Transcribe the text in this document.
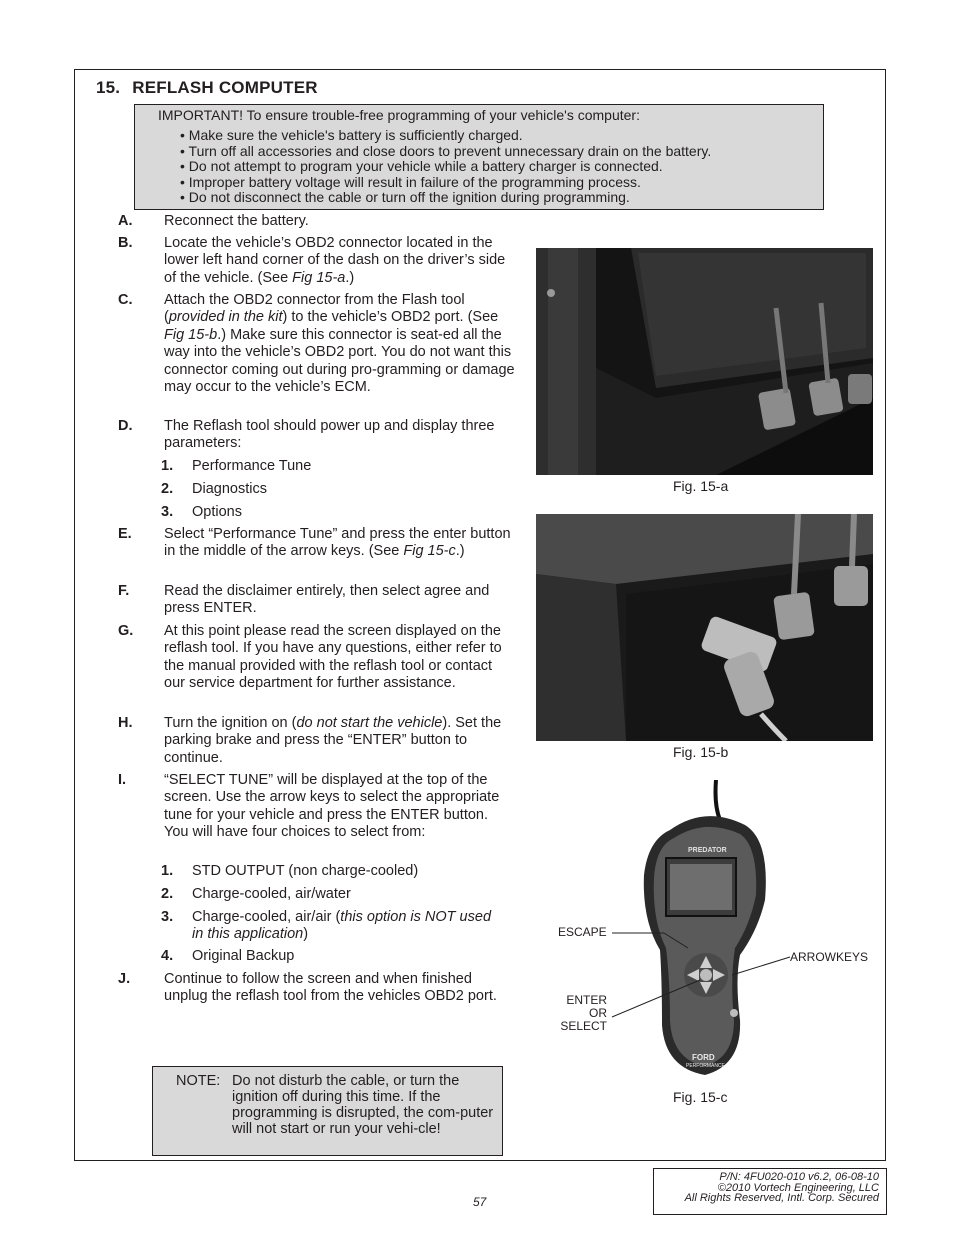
15. REFLASH COMPUTER
IMPORTANT! To ensure trouble-free programming of your vehicle's computer:
• Make sure the vehicle's battery is sufficiently charged.
• Turn off all accessories and close doors to prevent unnecessary drain on the battery.
• Do not attempt to program your vehicle while a battery charger is connected.
• Improper battery voltage will result in failure of the programming process.
• Do not disconnect the cable or turn off the ignition during programming.
A. Reconnect the battery.
B. Locate the vehicle’s OBD2 connector located in the lower left hand corner of the dash on the driver’s side of the vehicle. (See Fig 15-a.)
C. Attach the OBD2 connector from the Flash tool (provided in the kit) to the vehicle’s OBD2 port. (See Fig 15-b.) Make sure this connector is seat-ed all the way into the vehicle’s OBD2 port. You do not want this connector coming out during pro-gramming or damage may occur to the vehicle’s ECM.
D. The Reflash tool should power up and display three parameters:
1. Performance Tune
2. Diagnostics
3. Options
E. Select “Performance Tune” and press the enter button in the middle of the arrow keys. (See Fig 15-c.)
F. Read the disclaimer entirely, then select agree and press ENTER.
G. At this point please read the screen displayed on the reflash tool. If you have any questions, either refer to the manual provided with the reflash tool or contact our service department for further assistance.
H. Turn the ignition on (do not start the vehicle). Set the parking brake and press the “ENTER” button to continue.
I.	“SELECT TUNE” will be displayed at the top of the screen. Use the arrow keys to select the appropriate tune for your vehicle and press the ENTER button. You will have four choices to select from:
1. STD OUTPUT (non charge-cooled)
2. Charge-cooled, air/water
3. Charge-cooled, air/air (this option is NOT used in this application)
4. Original Backup
J. Continue to follow the screen and when finished unplug the reflash tool from the vehicles OBD2 port.
NOTE: Do not disturb the cable, or turn the ignition off during this time. If the programming is disrupted, the com-puter will not start or run your vehi-cle!
Fig. 15-a
Fig. 15-b
PREDATOR
FORD
PERFORMANCE
ESCAPE
ARROWKEYS
ENTER
OR
SELECT
Fig. 15-c
57
P/N: 4FU020-010 v6.2, 06-08-10
©2010 Vortech Engineering, LLC
All Rights Reserved, Intl. Corp. Secured
